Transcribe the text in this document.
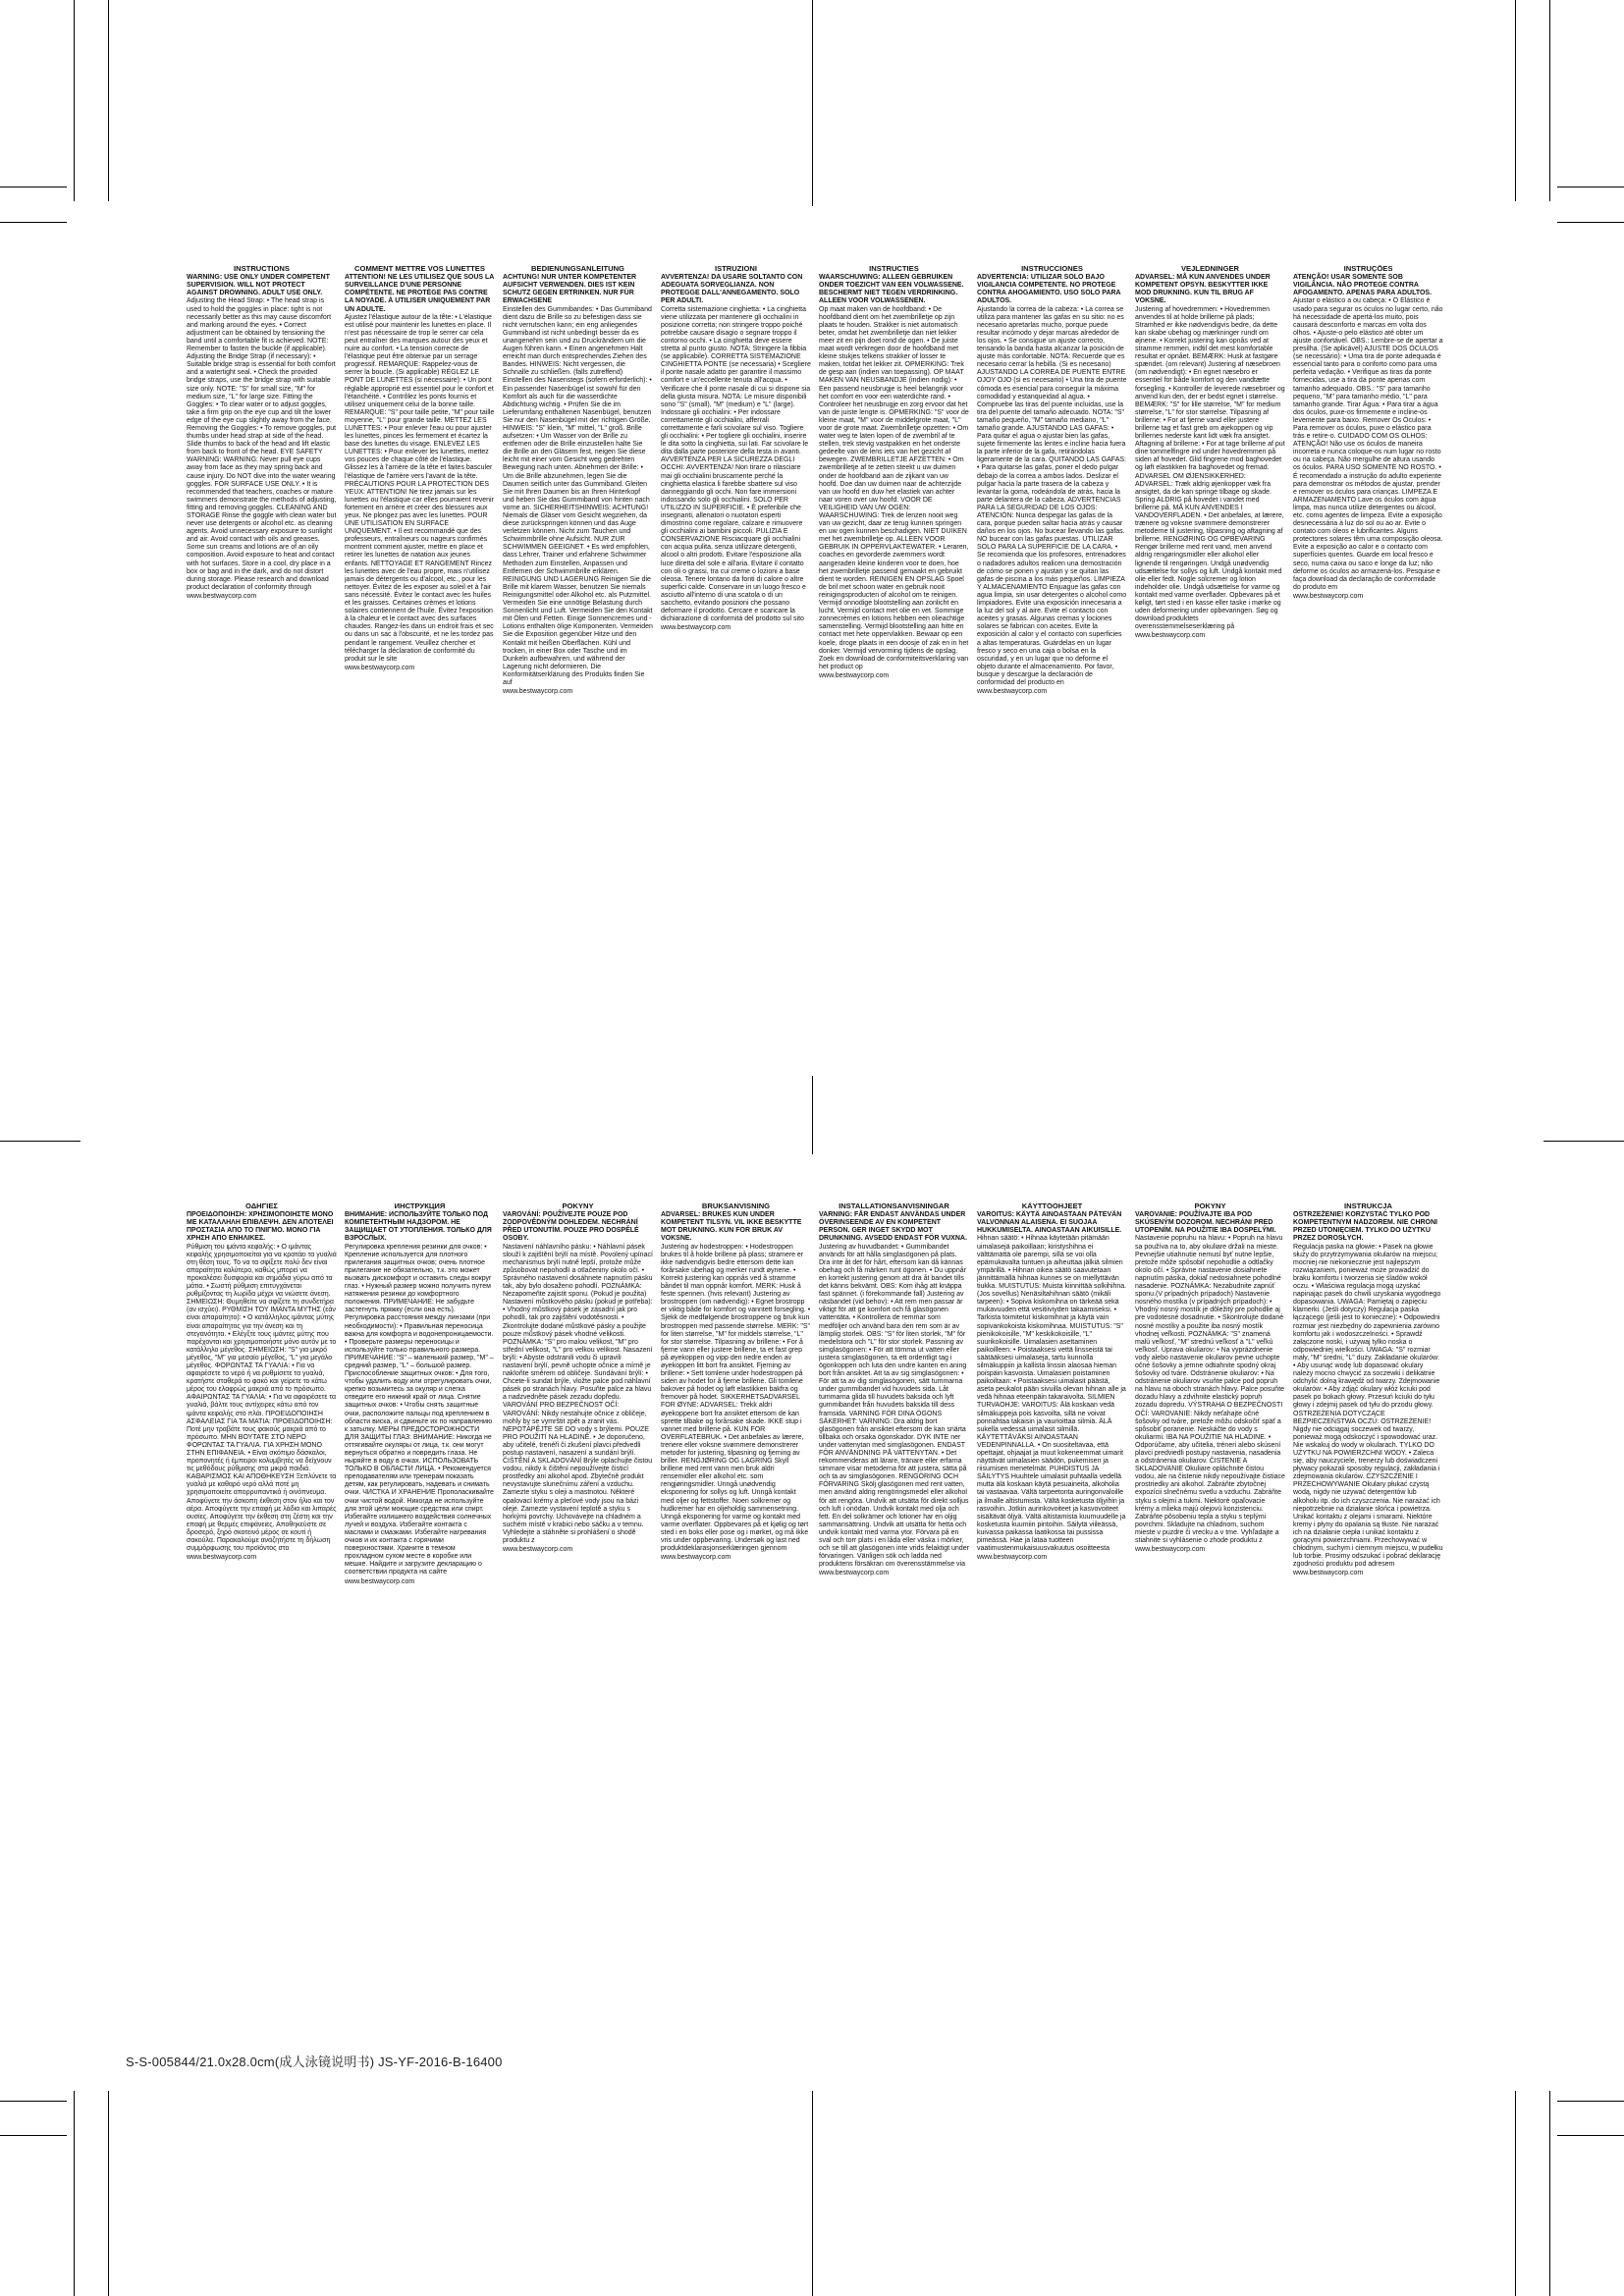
INSTRUCTIONS

WARNING: USE ONLY UNDER COMPETENT SUPERVISION. WILL NOT PROTECT AGAINST DROWNING. ADULT USE ONLY.

Adjusting the Head Strap: • The head strap is used to hold the goggles in place: tight is not necessarily better as this may cause discomfort and marking around the eyes. • Correct adjustment can be obtained by tensioning the band until a comfortable fit is achieved. NOTE: Remember to fasten the buckle (if applicable). Adjusting the Bridge Strap (if necessary): • Suitable bridge strap is essential for both comfort and a watertight seal. • Check the provided bridge straps, use the bridge strap with suitable size only. NOTE: "S" for small size, "M" for medium size, "L" for large size. Fitting the Goggles: • To clear water or to adjust goggles, take a firm grip on the eye cup and tilt the lower edge of the eye cup slightly away from the face. Removing the Goggles: • To remove goggles, put thumbs under head strap at side of the head. Slide thumbs to back of the head and lift elastic from back to front of the head. EYE SAFETY WARNING: WARNING: Never pull eye cups away from face as they may spring back and cause injury. Do NOT dive into the water wearing goggles. FOR SURFACE USE ONLY. • It is recommended that teachers, coaches or mature swimmers demonstrate the methods of adjusting, fitting and removing goggles. CLEANING AND STORAGE Rinse the goggle with clean water but never use detergents or alcohol etc. as cleaning agents. Avoid unnecessary exposure to sunlight and air. Avoid contact with oils and greases. Some sun creams and lotions are of an oily composition. Avoid exposure to heat and contact with hot surfaces. Store in a cool, dry place in a box or bag and in the dark, and do not distort during storage. Please research and download product declaration of conformity through

www.bestwaycorp.com

COMMENT METTRE VOS LUNETTES

ATTENTION! NE LES UTILISEZ QUE SOUS LA SURVEILLANCE D'UNE PERSONNE COMPÉTENTE. NE PROTÈGE PAS CONTRE LA NOYADE. À UTILISER UNIQUEMENT PAR UN ADULTE.

Ajustez l'élastique autour de la tête: • L'élastique est utilisé pour maintenir les lunettes en place. Il n'est pas nécessaire de trop le serrer car cela peut entraîner des marques autour des yeux et nuire au confort. • La tension correcte de l'élastique peut être obtenue par un serrage progressif. REMARQUE: Rappelez-vous de serrer la boucle. (Si applicable) RÉGLEZ LE PONT DE LUNETTES (si nécessaire): • Un pont réglable approprié est essentiel pour le confort et l'étanchéité. • Contrôlez les ponts fournis et utilisez uniquement celui de la bonne taille. REMARQUE: "S" pour taille petite, "M" pour taille moyenne, "L" pour grande taille. METTEZ LES LUNETTES: • Pour enlever l'eau ou pour ajuster les lunettes, pinces les fermement et écartez la base des lunettes du visage. ENLEVEZ LES LUNETTES: • Pour enlever les lunettes, mettez vos pouces de chaque côté de l'élastique. Glissez les à l'arrière de la tête et faites basculer l'élastique de l'arrière vers l'avant de la tête. PRÉCAUTIONS POUR LA PROTECTION DES YEUX: ATTENTION! Ne tirez jamais sur les lunettes ou l'élastique car elles pourraient revenir fortement en arrière et créer des blessures aux yeux. Ne plongez pas avec les lunettes. POUR UNE UTILISATION EN SURFACE UNIQUEMENT. • Il est recommandé que des professeurs, entraîneurs ou nageurs confirmés montrent comment ajuster, mettre en place et retirer les lunettes de natation aux jeunes enfants. NETTOYAGE ET RANGEMENT Rincez les lunettes avec de l'eau propre, mais n'utilisez jamais de détergents ou d'alcool, etc., pour les nettoyer. Évitez de les exposer au soleil et à l'air sans nécessité. Évitez le contact avec les huiles et les graisses. Certaines crèmes et lotions solaires contiennent de l'huile. Évitez l'exposition à la chaleur et le contact avec des surfaces chaudes. Rangez-les dans un endroit frais et sec ou dans un sac à l'obscurité, et ne les tordez pas pendant le rangement. Veuillez chercher et télécharger la déclaration de conformité du produit sur le site

www.bestwaycorp.com

BEDIENUNGSANLEITUNG

ACHTUNG! NUR UNTER KOMPETENTER AUFSICHT VERWENDEN. DIES IST KEIN SCHUTZ GEGEN ERTRINKEN. NUR FÜR ERWACHSENE

Einstellen des Gummibandes: • Das Gummiband dient dazu die Brille so zu befestigen dass sie nicht verrutschen kann; ein eng anliegendes Gummiband ist nicht unbedingt besser da es unangenehm sein und zu Druckrändern um die Augen führen kann. • Einen angenehmen Halt erreicht man durch entsprechendes Ziehen des Bandes. HINWEIS: Nicht vergessen, die Schnalle zu schließen. (falls zutreffend) Einstellen des Nasenstegs (sofern erforderlich): • Ein passender Nasenbügel ist sowohl für den Komfort als auch für die wasserdichte Abdichtung wichtig. • Prüfen Sie die im Lieferumfang enthaltenen Nasenbügel, benutzen Sie nur den Nasenbügel mit der richtigen Größe. HINWEIS: "S" klein, "M" mittel, "L" groß. Brille aufsetzen: • Um Wasser von der Brille zu entfernen oder die Brille einzustellen halte Sie die Brille an den Gläsern fest, neigen Sie diese leicht mit einer vom Gesicht weg gedrehten Bewegung nach unten. Abnehmen der Brille: • Um die Brille abzunehmen, legen Sie die Daumen seitlich unter das Gummiband. Gleiten Sie mit Ihren Daumen bis an Ihren Hinterkopf und heben Sie das Gummiband von hinten nach vorne an. SICHERHEITSHINWEIS: ACHTUNG! Niemals die Gläser vom Gesicht wegziehen, da diese zurückspringen können und das Auge verletzen können. Nicht zum Tauchen und Schwimmbrille ohne Aufsicht. NUR ZUR SCHWIMMEN GEEIGNET. • Es wird empfohlen, dass Lehrer, Trainer und erfahrene Schwimmer Methoden zum Einstellen, Anpassen und Entfernen der Schwimmbrille erklären. REINIGUNG UND LAGERUNG Reinigen Sie die Brille mit klarem Wasser, benutzen Sie niemals Reinigungsmittel oder Alkohol etc. als Putzmittel. Vermeiden Sie eine unnötige Belastung durch Sonnenlicht und Luft. Vermeiden Sie den Kontakt mit Ölen und Fetten. Einige Sonnencremes und -Lotions enthalten ölige Komponenten. Vermeiden Sie die Exposition gegenüber Hitze und den Kontakt mit heißen Oberflächen. Kühl und trocken, in einer Box oder Tasche und im Dunkeln aufbewahren, und während der Lagerung nicht deformieren. Die Konformitätserklärung des Produkts finden Sie auf

www.bestwaycorp.com

ISTRUZIONI

AVVERTENZA! DA USARE SOLTANTO CON ADEGUATA SORVEGLIANZA. NON PROTEGGE DALL'ANNEGAMENTO. SOLO PER ADULTI.

Corretta sistemazione cinghietta: • La cinghietta viene utilizzata per mantenere gli occhialini in posizione corretta; non stringere troppo poiché potrebbe causare disagio o segnare troppo il contorno occhi. • La cinghietta deve essere stretta al punto giusto. NOTA: Stringere la fibbia (se applicabile). CORRETTA SISTEMAZIONE CINGHIETTA PONTE (se necessaria) • Scegliere il ponte nasale adatto per garantire il massimo comfort e un'eccellente tenuta all'acqua. • Verificare che il ponte nasale di cui si dispone sia della giusta misura. NOTA: Le misure disponibili sono "S" (small), "M" (medium) e "L" (large). Indossare gli occhialini: • Per indossare correttamente gli occhialini, afferrali correttamente e farli scivolare sul viso. Togliere gli occhialini: • Per togliere gli occhialini, inserire le dita sotto la cinghietta, sui lati. Far scivolare le dita dalla parte posteriore della testa in avanti. AVVERTENZA PER LA SICUREZZA DEGLI OCCHI: AVVERTENZA! Non tirare o rilasciare mai gli occhialini bruscamente perché la cinghietta elastica li farebbe sbattere sul viso danneggiando gli occhi. Non fare immersioni indossando solo gli occhialini. SOLO PER UTILIZZO IN SUPERFICIE. • È preferibile che insegnanti, allenatori o nuotatori esperti dimostrino come regolare, calzare e rimuovere gli occhialini ai bambini piccoli. PULIZIA E CONSERVAZIONE Risciacquare gli occhialini con acqua pulita, senza utilizzare detergenti, alcool o altri prodotti. Evitare l'esposizione alla luce diretta del sole e all'aria. Evitare il contatto con oli o grassi, tra cui creme o lozioni a base oleosa. Tenere lontano da fonti di calore o altre superfici calde. Conservare in un luogo fresco e asciutto all'interno di una scatola o di un sacchetto, evitando posizioni che possano deformare il prodotto. Cercare e scaricare la dichiarazione di conformità del prodotto sul sito

www.bestwaycorp.com

INSTRUCTIES

WAARSCHUWING: ALLEEN GEBRUIKEN ONDER TOEZICHT VAN EEN VOLWASSENE. BESCHERMT NIET TEGEN VERDRINKING. ALLEEN VOOR VOLWASSENEN.

Op maat maken van de hoofdband: • De hoofdband dient om het zwembrilletje op zijn plaats te houden. Strakker is niet automatisch beter, omdat het zwembrilletje dan niet lekker meer zit en pijn doet rond de ogen. • De juiste maat wordt verkregen door de hoofdband met kleine stukjes telkens strakker of losser te maken, totdat het lekker zit. OPMERKING: Trek de gesp aan (indien van toepassing). OP MAAT MAKEN VAN NEUSBANDJE (indien nodig): • Een passend neusbrugje is heel belangrijk voor het comfort en voor een waterdichte rand. • Controleer het neusbrugje en zorg ervoor dat het van de juiste lengte is. OPMERKING: "S" voor de kleine maat, "M" voor de middelgrote maat, "L" voor de grote maat. Zwembrilletje opzetten: • Om water weg te laten lopen of de zwembril af te stellen, trek stevig vastpakken en het onderste gedeelte van de lens iets van het gezicht af bewegen. ZWEMBRILLETJE AFZETTEN: • Om zwembrilletje af te zetten steekt u uw duimen onder de hoofdband aan de zijkant van uw hoofd. Doe dan uw duimen naar de achterzijde van uw hoofd en duw het elastiek van achter naar voren over uw hoofd. VOOR DE VEILIGHEID VAN UW OGEN: WAARSCHUWING: Trek de lenzen nooit weg van uw gezicht, daar ze terug kunnen springen en uw ogen kunnen beschadigen. NIET DUIKEN met het zwembrilletje op. ALLEEN VOOR GEBRUIK IN OPPERVLAKTEWATER. • Leraren, coaches en gevorderde zwemmers wordt aangeraden kleine kinderen voor te doen, hoe het zwembrilletje passend gemaakt en gebruikt dient te worden. REINIGEN EN OPSLAG Spoel de bril met schoon water en gebruik nooit reinigingsproducten of alcohol om te reinigen. Vermijd onnodige blootstelling aan zonlicht en lucht. Vermijd contact met olie en vet. Sommige zonnecrèmes en lotions hebben een olieachtige samenstelling. Vermijd blootstelling aan hitte en contact met hete oppervlakken. Bewaar op een koele, droge plaats in een doosje of zak en in het donker. Vermijd vervorming tijdens de opslag. Zoek en download de conformiteitsverklaring van het product op

www.bestwaycorp.com

INSTRUCCIONES

ADVERTENCIA: UTILIZAR SOLO BAJO VIGILANCIA COMPETENTE. NO PROTEGE CONTRA AHOGAMIENTO. USO SOLO PARA ADULTOS.

Ajustando la correa de la cabeza: • La correa se utiliza para mantener las gafas en su sitio: no es necesario apretarlas mucho, porque puede resultar incómodo y dejar marcas alrededor de los ojos. • Se consigue un ajuste correcto, tensando la banda hasta alcanzar la posición de ajuste más confortable. NOTA: Recuerde que es necesario cerrar la hebilla. (Si es necesario) AJUSTANDO LA CORREA DE PUENTE ENTRE OJOY OJO (si es necesario) • Una tira de puente cómoda es esencial para conseguir la máxima comodidad y estanqueidad al agua. • Compruebe las tiras del puente incluidas, use la tira del puente del tamaño adecuado. NOTA: "S" tamaño pequeño, "M" tamaño mediano, "L" tamaño grande. AJUSTANDO LAS GAFAS: • Para quitar el agua o ajustar bien las gafas, sujete firmemente las lentes e incline hacia fuera la parte inferior de la gafa, retirándolas ligeramente de la cara. QUITANDO LAS GAFAS: • Para quitarse las gafas, poner el dedo pulgar debajo de la correa a ambos lados. Deslizar el pulgar hacia la parte trasera de la cabeza y levantar la goma, rodeándola de atrás, hacia la parte delantera de la cabeza. ADVERTENCIAS PARA LA SEGURIDAD DE LOS OJOS: ATENCIÓN: Nunca despegar las gafas de la cara, porque pueden saltar hacia atrás y causar daños en los ojos. No bucear llevando las gafas. NO bucear con las gafas puestas. UTILIZAR SOLO PARA LA SUPERFICIE DE LA CARA. • Se recomienda que los profesores, entrenadores o nadadores adultos realicen una demostración de cómo se ponen y ajustan y se quitan las gafas de piscina a los más pequeños. LIMPIEZA Y ALMACENAMIENTO Enjuague las gafas con agua limpia, sin usar detergentes o alcohol como limpiadores. Evite una exposición innecesaria a la luz del sol y al aire. Evite el contacto con aceites y grasas. Algunas cremas y lociones solares se fabrican con aceites. Evite la exposición al calor y el contacto con superficies a altas temperaturas. Guárdelas en un lugar fresco y seco en una caja o bolsa en la oscuridad, y en un lugar que no deforme el objeto durante el almacenamiento. Por favor, busque y descargue la declaración de conformidad del producto en

www.bestwaycorp.com

VEJLEDNINGER

ADVARSEL: MÅ KUN ANVENDES UNDER KOMPETENT OPSYN. BESKYTTER IKKE MOD DRUKNING. KUN TIL BRUG AF VOKSNE.

Justering af hovedremmen: • Hovedremmen anvendes til at holde brillerne på plads; Stramhed er ikke nødvendigvis bedre, da dette kan skabe ubehag og mærkninger rundt om øjnene. • Korrekt justering kan opnås ved at stramme remmen, indtil det mest komfortable resultat er opnået. BEMÆRK: Husk at fastgøre spændet. (om relevant) Justering af næsebroen (om nødvendigt): • En egnet næsebro er essentiel for både komfort og den vandtætte forsegling. • Kontroller de leverede næsebroer og anvend kun den, der er bedst egnet i størrelse. BEMÆRK: "S" for lille størrelse, "M" for medium størrelse, "L" for stor størrelse. Tilpasning af brillerne: • For at fjerne vand eller justere brillerne tag et fast greb om øjekoppen og vip brillernes nederste kant lidt væk fra ansigtet. Aftagning af brillerne: • For at tage brillerne af put dine tommelfingre ind under hovedremmen på siden af hovedet. Glid fingrene mod baghovedet og løft elastikken fra baghovedet og fremad. ADVARSEL OM ØJENSIKKERHED: ADVARSEL: Træk aldrig øjenkopper væk fra ansigtet, da de kan springe tilbage og skade. Spring ALDRIG på hovedet i vandet med brillerne på. MÅ KUN ANVENDES I VANDOVERFLADEN. • Det anbefales, at lærere, trænere og voksne svømmere demonstrerer metoderne til justering, tilpasning og aftagning af brillerne. RENGØRING OG OPBEVARING Rengør brillerne med rent vand, men anvend aldrig rengøringsmidler eller alkohol eller lignende til rengøringen. Undgå unødvendig udsættelse for sollys og luft. Undgå kontakt med olie eller fedt. Nogle solcremer og lotion indeholder olie. Undgå udsættelse for varme og kontakt med varme overflader. Opbevares på et køligt, tørt sted i en kasse eller taske i mørke og uden deformering under opbevaringen. Søg og download produktets overensstemmelseserklæring på

www.bestwaycorp.com

INSTRUÇÕES

ATENÇÃO! USAR SOMENTE SOB VIGILÂNCIA. NÃO PROTEGE CONTRA AFOGAMENTO. APENAS PARA ADULTOS.

Ajustar o elástico a ou cabeça: • O Elástico é usado para segurar os óculos no lugar certo, não há necessidade de apertá-los muito, pois causará desconforto e marcas em volta dos olhos. • Ajuste-o pelo elástico até obter um ajuste confortável. OBS.: Lembre-se de apertar a presilha. (Se aplicável) AJUSTE DOS ÓCULOS (se necessário): • Uma tira de ponte adequada é essencial tanto para o conforto como para uma perfeita vedação. • Verifique as tiras da ponte fornecidas, use a tira da ponte apenas com tamanho adequado. OBS.: "S" para tamanho pequeno, "M" para tamanho médio, "L" para tamanho grande. Tirar Água: • Para tirar a água dos óculos, puxe-os firmemente e incline-os levemente para baixo. Remover Os Óculos: • Para remover os óculos, puxe o elástico para trás e retire-o. CUIDADO COM OS OLHOS: ATENÇÃO! Não use os óculos de maneira incorreta e nunca coloque-os num lugar no rosto ou na cabeça. Não mergulhe de altura usando os óculos. PARA USO SOMENTE NO ROSTO. • É recomendado a instrução do adulto experiente para demonstrar os métodos de ajustar, prender e remover os óculos para crianças. LIMPEZA E ARMAZENAMENTO Lave os óculos com água limpa, mas nunca utilize detergentes ou álcool, etc. como agentes de limpeza. Evite a exposição desnecessária à luz do sol ou ao ar. Evite o contato com óleos e lubrificantes. Alguns protectores solares têm uma composição oleosa. Evite a exposição ao calor e o contacto com superfícies quentes. Guarde em local fresco e seco, numa caixa ou saco e longe da luz; não deforme os óculos ao armazená-los. Pesquise e faça download da declaração de conformidade do produto em

www.bestwaycorp.com

ΟΔΗΓΙΕΣ

ΠΡΟΕΙΔΟΠΟΙΗΣΗ: ΧΡΗΣΙΜΟΠΟΙΗΣΤΕ ΜΟΝΟ ΜΕ ΚΑΤΑΛΛΗΛΗ ΕΠΙΒΛΕΨΗ. ΔΕΝ ΑΠΟΤΕΛΕΙ ΠΡΟΣΤΑΣΙΑ ΑΠΟ ΤΟ ΠΝΙΓΜΟ. ΜΟΝΟ ΓΙΑ ΧΡΗΣΗ ΑΠΟ ΕΝΗΛΙΚΕΣ.

Ρύθμιση του ιμάντα κεφαλής: • Ο ιμάντας κεφαλής χρησιμοποιείται για να κρατάει τα γυαλιά στη θέση τους. Το να τα σφίξετε πολύ δεν είναι απαραίτητα καλύτερο, καθώς μπορεί να προκαλέσει δυσφορία και σημάδια γύρω από τα μάτια. • Σωστή ρύθμιση επιτυγχάνεται ρυθμίζοντας τη λωρίδα μέχρι να νιώσετε άνεση. ΣΗΜΕΙΩΣΗ: Θυμηθείτε να σφίξετε τη συνδετήρα (αν ισχύει). ΡΥΘΜΙΣΗ ΤΟΥ ΙΜΑΝΤΑ ΜΥΤΗΣ (εάν είναι απαραίτητο): • Ο κατάλληλος ιμάντας μύτης είναι απαραίτητος για την άνεση και τη στεγανότητα. • Ελέγξτε τους ιμάντες μύτης που παρέχονται και χρησιμοποιήστε μόνο αυτόν με το κατάλληλο μέγεθος. ΣΗΜΕΙΩΣΗ: "S" για μικρό μέγεθος, "M" για μεσαίο μέγεθος, "L" για μεγάλο μέγεθος. ΦΟΡΩΝΤΑΣ ΤΑ ΓΥΑΛΙΑ: • Για να αφαιρέσετε το νερό ή να ρυθμίσετε τα γυαλιά, κρατήστε σταθερά το φακό και γείρετε το κάτω μέρος του ελαφρώς μακριά από το πρόσωπο. ΑΦΑΙΡΩΝΤΑΣ ΤΑ ΓΥΑΛΙΑ: • Για να αφαιρέσετε τα γυαλιά, βάλτε τους αντίχειρες κάτω από τον ιμάντα κεφαλής στο πλάι. ΠΡΟΕΙΔΟΠΟΙΗΣΗ ΑΣΦΑΛΕΙΑΣ ΓΙΑ ΤΑ ΜΑΤΙΑ: ΠΡΟΕΙΔΟΠΟΙΗΣΗ: Ποτέ μην τραβάτε τους φακούς μακριά από το πρόσωπο. ΜΗΝ ΒΟΥΤΑΤΕ ΣΤΟ ΝΕΡΟ ΦΟΡΩΝΤΑΣ ΤΑ ΓΥΑΛΙΑ. ΓΙΑ ΧΡΗΣΗ ΜΟΝΟ ΣΤΗΝ ΕΠΙΦΑΝΕΙΑ. • Είναι σκόπιμο δάσκαλοι, προπονητές ή έμπειροι κολυμβητές να δείχνουν τις μεθόδους ρύθμισης στα μικρά παιδιά. ΚΑΘΑΡΙΣΜΟΣ ΚΑΙ ΑΠΟΘΗΚΕΥΣΗ Ξεπλύνετε τα γυαλιά με καθαρό νερό αλλά ποτέ μη χρησιμοποιείτε απορρυπαντικά ή οινόπνευμα. Αποφύγετε την άσκοπη έκθεση στον ήλιο και τον αέρα. Αποφύγετε την επαφή με λάδια και λιπαρές ουσίες. Αποφύγετε την έκθεση στη ζέστη και την επαφή με θερμές επιφάνειες. Αποθηκεύστε σε δροσερό, ξηρό σκοτεινό μέρος σε κουτί ή σακούλα. Παρακαλούμε αναζητήστε τη δήλωση συμμόρφωσης του προϊόντος στο

www.bestwaycorp.com

ИНСТРУКЦИЯ

ВНИМАНИЕ: ИСПОЛЬЗУЙТЕ ТОЛЬКО ПОД КОМПЕТЕНТНЫМ НАДЗОРОМ. НЕ ЗАЩИЩАЕТ ОТ УТОПЛЕНИЯ. ТОЛЬКО ДЛЯ ВЗРОСЛЫХ.

Регулировка крепления резинки для очков: • Крепление используется для плотного прилегания защитных очков; очень плотное прилегание не обязательно, т.к. это может вызвать дискомфорт и оставить следы вокруг глаз. • Нужный размер можно получить путем натяжения резинки до комфортного положения. ПРИМЕЧАНИЕ: Не забудьте застегнуть пряжку (если она есть). Регулировка расстояния между линзами (при необходимости): • Правильная переносица важна для комфорта и водонепроницаемости. • Проверьте размеры переносицы и используйте только правильного размера. ПРИМЕЧАНИЕ: "S" – маленький размер, "M" – средний размер, "L" – большой размер. Приспособление защитных очков: • Для того, чтобы удалить воду или отрегулировать очки, крепко возьмитесь за окуляр и слегка отведите его нижний край от лица. Снятие защитных очков: • Чтобы снять защитные очки, расположите пальцы под креплением в области виска, и сдвиньте их по направлению к затылку. МЕРЫ ПРЕДОСТОРОЖНОСТИ ДЛЯ ЗАЩИТЫ ГЛАЗ: ВНИМАНИЕ: Никогда не оттягивайте окуляры от лица, т.к. они могут вернуться обратно и повредить глаза. Не ныряйте в воду в очках. ИСПОЛЬЗОВАТЬ ТОЛЬКО В ОБЛАСТИ ЛИЦА. • Рекомендуется преподавателям или тренерам показать детям, как регулировать, надевать и снимать очки. ЧИСТКА И ХРАНЕНИЕ Прополаскивайте очки чистой водой. Никогда не используйте для этой цели моющие средства или спирт. Избегайте излишнего воздействия солнечных лучей и воздуха. Избегайте контакта с маслами и смазками. Избегайте нагревания очков и их контакта с горячими поверхностями. Храните в темном прохладном сухом месте в коробке или мешке. Найдите и загрузите декларацию о соответствии продукта на сайте

www.bestwaycorp.com

POKYNY

VAROVÁNÍ: POUŽÍVEJTE POUZE POD ZODPOVĚDNÝM DOHLEDEM. NECHRÁNÍ PŘED UTONUTÍM. POUZE PRO DOSPĚLÉ OSOBY.

Nastavení náhlavního pásku: • Náhlavní pásek slouží k zajištění brýlí na místě. Povolený upínací mechanismus brýlí nutně lepší, protože může způsobovat nepohodlí a otlačeniny okolo očí. • Správného nastavení dosáhnete napnutím pásku tak, aby bylo dosaženo pohodlí. POZNÁMKA: Nezapomeňte zajistit sponu. (Pokud je použita) Nastavení můstkového pásku (pokud je potřeba): • Vhodný můstkový pásek je zásadní jak pro pohodlí, tak pro zajištění vodotěsnosti. • Zkontrolujte dodané můstkové pásky a použijte pouze můstkový pásek vhodné velikosti. POZNÁMKA: "S" pro malou velikost, "M" pro střední velikost, "L" pro velkou velikost. Nasazení brýlí: • Abyste odstranili vodu či upravili nastavení brýlí, pevně uchopte očnice a mírně je nakloňte směrem od obličeje. Sundávání brýlí: • Chcete-li sundat brýle, vložte palce pod náhlavní pásek po stranách hlavy. Posuňte palce za hlavu a nadzvedněte pásek zezadu dopředu. VAROVÁNÍ PRO BEZPEČNOST OČÍ: VAROVÁNÍ: Nikdy nestahujte očnice z obličeje, mohly by se vymrštit zpět a zranit vás. NEPOTÁPĚJTE SE DO vody s brýlemi. POUZE PRO POUŽITÍ NA HLADINĚ. • Je doporučeno, aby učitelé, trenéři či zkušení plavci předvedli postup nastavení, nasazení a sundání brýlí. ČIŠTĚNÍ A SKLADOVÁNÍ Brýle oplachujte čistou vodou, nikdy k čištění nepoužívejte čisticí prostředky ani alkohol apod. Zbytečně produkt nevystavujte slunečnímu záření a vzduchu. Zamezte styku s oleji a mastnotou. Některé opalovací krémy a pleťové vody jsou na bázi oleje. Zamezte vystavení teplotě a styku s horkými povrchy. Uchovávejte na chladném a suchém místě v krabici nebo sáčku a v temnu. Vyhledejte a stáhněte si prohlášení o shodě produktu z

www.bestwaycorp.com

BRUKSANVISNING

ADVARSEL: BRUKES KUN UNDER KOMPETENT TILSYN. VIL IKKE BESKYTTE MOT DRUKNING. KUN FOR BRUK AV VOKSNE.

Justering av hodestroppen: • Hodestroppen brukes til å holde brillene på plass; stramere er ikke nødvendigvis bedre ettersom dette kan forårsake ubehag og merker rundt øynene. • Korrekt justering kan oppnås ved å stramme båndet til man oppnår komfort. MERK: Husk å feste spennen. (hvis relevant) Justering av brostroppen (om nødvendig): • Egnet brostropp er viktig både for komfort og vanntett forsegling. • Sjekk de medfølgende brostroppene og bruk kun brostroppen med passende størrelse. MERK: "S" for liten størrelse, "M" for middels størrelse, "L" for stor størrelse. Tilpasning av brillene: • For å fjerne vann eller justere brillene, ta et fast grep på øyekoppen og vipp den nedre enden av øyekoppen litt bort fra ansiktet. Fjerning av brillene: • Sett tomlene under hodestroppen på siden av hodet for å fjerne brillene. Gli tomlene bakover på hodet og løft elastikken bakfra og fremover på hodet. SIKKERHETSADVARSEL FOR ØYNE: ADVARSEL: Trekk aldri øyekoppene bort fra ansiktet ettersom de kan sprette tilbake og forårsake skade. IKKE stup i vannet med brillene på. KUN FOR OVERFLATEBRUK. • Det anbefales av lærere, trenere eller voksne svømmere demonstrerer metoder for justering, tilpasning og fjerning av briller. RENGJØRING OG LAGRING Skyll brillene med rent vann men bruk aldri rensemidler eller alkohol etc. som rengjøringsmidler. Unngå unødvendig eksponering for sollys og luft. Unngå kontakt med oljer og fettstoffer. Noen solkremer og hudkremer har en oljeholdig sammensetning. Unngå eksponering for varme og kontakt med varme overflater. Oppbevares på et kjølig og tørt sted i en boks eller pose og i mørket, og må ikke vris under oppbevaring. Undersøk og last ned produktdeklarasjonserklæringen gjennom

www.bestwaycorp.com

INSTALLATIONSANVISNINGAR

VARNING: FÅR ENDAST ANVÄNDAS UNDER ÖVERINSEENDE AV EN KOMPETENT PERSON. GER INGET SKYDD MOT DRUNKNING. AVSEDD ENDAST FÖR VUXNA.

Justering av huvudbandet: • Gummibandet används för att hålla simglasögonen på plats. Dra inte åt det för hårt, eftersom kan då kännas obehag och få märken runt ögonen. • Du uppnår en korrekt justering genom att dra åt bandet tills det känns bekvämt. OBS: Kom ihåg att knäppa fast spännet. (i förekommande fall) Justering av näsbandet (vid behov): • Att rem men passar är viktigt för att ge komfort och få glasögonen vattentäta. • Kontrollera de remmar som medföljer och använd bara den rem som är av lämplig storlek. OBS: "S" för liten storlek, "M" för medelstora och "L" för stor storlek. Passning av simglasögonen: • För att tömma ut vatten eller justera simglasögonen, ta ett ordentligt tag i ögonkoppen och luta den undre kanten en aning bort från ansiktet. Att ta av sig simglasögonen: • För att ta av dig simglasögonen, sätt tummarna under gummibandet vid huvudets sida. Låt tummarna glida till huvudets baksida och lyft gummibandet från huvudets baksida till dess framsida. VARNING FÖR DINA ÖGONS SÄKERHET: VARNING: Dra aldrig bort glasögonen från ansiktet eftersom de kan snärta tillbaka och orsaka ögonskador. DYK INTE ner under vattenytan med simglasögonen. ENDAST FÖR ANVÄNDNING PÅ VATTENYTAN. • Det rekommenderas att lärare, tränare eller erfarna simmare visar metoderna för att justera, sätta på och ta av simglasögonen. RENGÖRING OCH FÖRVARING Skölj glasögonen med rent vatten, men använd aldrig rengöringsmedel eller alkohol för att rengöra. Undvik att utsätta för direkt solljus och luft i onödan. Undvik kontakt med olja och fett. En del solkrämer och lotioner har en oljig sammansättning. Undvik att utsätta för hetta och undvik kontakt med varma ytor. Förvara på en sval och torr plats i en låda eller väska i mörker, och se till att glasögonen inte vrids felaktigt under förvaringen. Vänligen sök och ladda ned produktens försäkran om överensstämmelse via

www.bestwaycorp.com

KÄYTTÖOHJEET

VAROITUS: KÄYTÄ AINOASTAAN PÄTEVÄN VALVONNAN ALAISENA. EI SUOJAA HUKKUMISELTA. AINOASTAAN AIKUISILLE.

Hihnan säätö: • Hihnaa käytetään pitämään uimalasejä paikoillaan; kiristyshihna ei välttämättä ole parempi, sillä se voi olla epämukavalta tuntuen ja aiheuttaa jälkiä silmien ympärillä. • Hihnan oikea säätö saavutetaan jännittämällä hihnaa kunnes se on miellyttävän tiukka. MUISTUTUS: Muista kiinnittää solkihihna. (Jos sovellus) Nenäsiltahihnan säätö (mikäli tarpeen): • Sopiva kiskomihna on tärkeää sekä mukavuuden että vesitiiviyden takaamiseksi. • Tarkista toimitetut kiskomihnat ja käytä vain sopivankokoista kiskomihnaa. MUISTUTUS: "S" pienikokoisille, "M" keskikokoisille, "L" suurikokoisille. Uimalasien asettaminen paikoilleen: • Poistaaksesi vettä linsseistä tai säätääksesi uimalaseja, tartu kunnolla silmäkuppiin ja kallista linssin alaosaa hieman poispäin kasvoista. Uimalasien poistaminen paikoiltaan: • Poistaaksesi uimalasit päästä, aseta peukalot pään sivuilla olevan hihnan alle ja vedä hihnaa eteenpäin takaraivolta. SILMIEN TURVAOHJE: VAROITUS: Älä koskaan vedä silmäkuppeja pois kasvoilta, sillä ne voivat ponnahtaa takaisin ja vaurioittaa silmiä. ÄLÄ sukella vedessä uimalasit silmillä. KÄYTETTÄVÄKSI AINOASTAAN VEDENPINNALLA. • On suositeltavaa, että opettajat, ohjaajat ja muut kokeneemmat uimarit näyttävät uimalasien säädön, pukemisen ja riisumisen menetelmät. PUHDISTUS JA SÄILYTYS Huuhtele uimalasit puhtaalla vedellä mutta älä koskaan käytä pesuaineita, alkoholia tai vastaavaa. Vältä tarpeetonta auringonvaloille ja ilmalle altistumista. Vältä kosketusta öljyihin ja rasvoihin. Jotkin aurinkovoiteet ja kasvovoiteet sisältävät öljyä. Vältä altistamista kuumuudelle ja kosketusta kuumiin pintoihin. Säilytä viileässä, kuivassa paikassa laatikossa tai pussissa pimeässä. Hae ja lataa tuotteen vaatimustenmukaisuusvakuutus osoitteesta

www.bestwaycorp.com

POKYNY

VAROVANIE: POUŽÍVAJTE IBA POD SKÚSENÝM DOZOROM. NECHRÁNI PRED UTOPENÍM. NA POUŽITIE IBA DOSPELÝMI.

Nastavenie popruhu na hlavu: • Popruh na hlavu sa používa na to, aby okuliare držali na mieste. Pevnejšie utiahnutie nemusí byť nutne lepšie, pretože môže spôsobiť nepohodlie a odtlačky okolo očí. • Správne nastavenie dosiahnete napnutím pásika, dokiaľ nedosiahnete pohodlné nasadenie. POZNÁMKA: Nezabudnite zapnúť sponu.(V prípadných prípadoch) Nastavenie nosného mostíka (v prípadných prípadoch): • Vhodný nosný mostík je dôležitý pre pohodlie aj pre vodotesné dosadnutie. • Skontrolujte dodané nosné mostíky a použite iba nosný mostík vhodnej veľkosti. POZNÁMKA: "S" znamená malú veľkosť, "M" strednú veľkosť a "L" veľkú veľkosť. Úprava okuliarov: • Na vyprázdnenie vody alebo nastavenie okuliarov pevne uchopte očné šošovky a jemne odtiahnite spodný okraj šošovky od tváre. Odstránenie okuliarov: • Na odstránenie okuliarov vsuňte palce pod popruh na hlavu na oboch stranách hlavy. Palce posuňte dozadu hlavy a zdvihnite elastický popruh zozadu dopredu. VÝSTRAHA O BEZPEČNOSTI OČÍ: VAROVANIE: Nikdy neťahajte očné šošovky od tváre, pretože môžu odskočiť späť a spôsobiť poranenie. Neskáčte do vody s okuliarmi. IBA NA POUŽITIE NA HLADINE. • Odporúčame, aby učitelia, tréneri alebo skúsení plavci predviedli postupy nastavenia, nasadenia a odstránenia okuliarov. ČISTENIE A SKLADOVANIE Okuliare opláchnite čistou vodou, ale na čistenie nikdy nepoužívajte čistiace prostriedky ani alkohol. Zabráňte zbytočnej expozícii slnečnému svetlu a vzduchu. Zabráňte styku s olejmi a tukmi. Niektoré opaľovacie krémy a mlieka majú olejovú konzistenciu. Zabráňte pôsobeniu tepla a styku s teplými povrchmi. Skladujte na chladnom, suchom mieste v puzdre či vrecku a v tme. Vyhľadajte a stiahnite si vyhlásenie o zhode produktu z

www.bestwaycorp.com

INSTRUKCJA

OSTRZEŻENIE! KORZYSTAĆ TYLKO POD KOMPETENTNYM NADZOREM. NIE CHRONI PRZED UTONIĘCIEM. TYLKO DO UŻYTKU PRZEZ DOROSŁYCH.

Regulacja paska na głowie: • Pasek na głowie służy do przytrzymywania okularów na miejscu; mocniej nie niekoniecznie jest najlepszym rozwiązaniem, ponieważ może prowadzić do braku komfortu i tworzenia się śladów wokół oczu. • Właściwa regulacja mogą uzyskać napinając pasek do chwili uzyskania wygodnego dopasowania. UWAGA: Pamiętaj o zapięciu klamerki. (Jeśli dotyczy) Regulacja paska łączącego (jeśli jest to konieczne): • Odpowiedni rozmiar jest niezbędny do zapewnienia zarówno komfortu jak i wodoszczelności. • Sprawdź załączone noski, i używaj tylko noska o odpowiedniej wielkości. UWAGA: "S" rozmiar mały, "M" średni, "L" duży. Zakładanie okularów: • Aby usunąć wodę lub dopasować okulary należy mocno chwycić za soczewki i delikatnie odchylić dolną krawędź od twarzy. Zdejmowanie okularów: • Aby zdjąć okulary włóż kciuki pod pasek po bokach głowy. Przesuń kciuki do tyłu głowy i zdejmij pasek od tyłu do przodu głowy. OSTRZEŻENIA DOTYCZĄCE BEZPIECZEŃSTWA OCZU: OSTRZEŻENIE! Nigdy nie odciągaj soczewek od twarzy, ponieważ mogą odskoczyć i spowodować uraz. Nie wskakuj do wody w okularach. TYLKO DO UŻYTKU NA POWIERZCHNI WODY. • Zaleca się, aby nauczyciele, trenerzy lub doświadczeni pływacy pokazali sposoby regulacji, zakładania i zdejmowania okularów. CZYSZCZENIE I PRZECHOWYWANIE Okulary płukać czystą wodą, nigdy nie używać detergentów lub alkoholu itp. do ich czyszczenia. Nie narażać ich niepotrzebnie na działanie słońca i powietrza. Unikać kontaktu z olejami i smarami. Niektóre kremy i płyny do opalania są tłuste. Nie narażać ich na działanie ciepła i unikać kontaktu z gorącymi powierzchniami. Przechowywać w chłodnym, suchym i ciemnym miejscu, w pudełku lub torbie. Prosimy odszukać i pobrać deklarację zgodności produktu pod adresem

www.bestwaycorp.com

S-S-005844/21.0x28.0cm(成人泳镜说明书) JS-YF-2016-B-16400
